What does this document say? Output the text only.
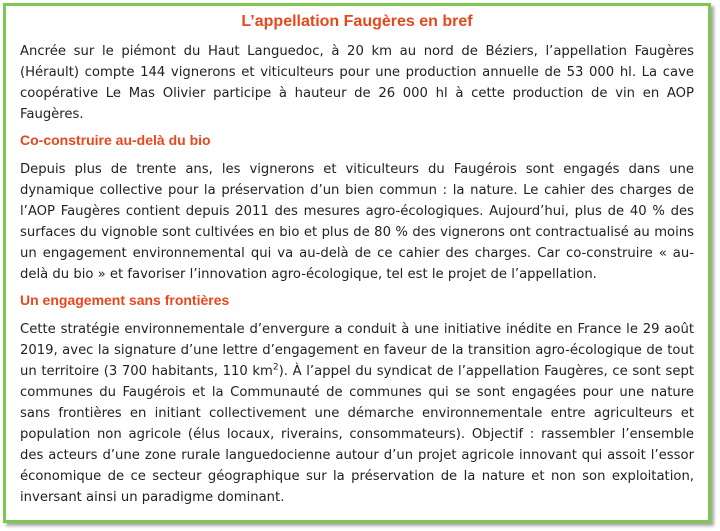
L’appellation Faugères en bref

Ancrée sur le piémont du Haut Languedoc, à 20 km au nord de Béziers, l’appellation Faugères (Hérault) compte 144 vignerons et viticulteurs pour une production annuelle de 53 000 hl. La cave coopérative Le Mas Olivier participe à hauteur de 26 000 hl à cette production de vin en AOP Faugères.

Co-construire au-delà du bio

Depuis plus de trente ans, les vignerons et viticulteurs du Faugérois sont engagés dans une dynamique collective pour la préservation d’un bien commun : la nature. Le cahier des charges de l’AOP Faugères contient depuis 2011 des mesures agro-écologiques. Aujourd’hui, plus de 40 % des surfaces du vignoble sont cultivées en bio et plus de 80 % des vignerons ont contractualisé au moins un engagement environnemental qui va au-delà de ce cahier des charges. Car co-construire « au-delà du bio » et favoriser l’innovation agro-écologique, tel est le projet de l’appellation.

Un engagement sans frontières

Cette stratégie environnementale d’envergure a conduit à une initiative inédite en France le 29 août 2019, avec la signature d’une lettre d’engagement en faveur de la transition agro-écologique de tout un territoire (3 700 habitants, 110 $km^2$). À l’appel du syndicat de l’appellation Faugères, ce sont sept communes du Faugérois et la Communauté de communes qui se sont engagées pour une nature sans frontières en initiant collectivement une démarche environnementale entre agriculteurs et population non agricole (élus locaux, riverains, consommateurs). Objectif : rassembler l’ensemble des acteurs d’une zone rurale languedocienne autour d’un projet agricole innovant qui assoit l’essor économique de ce secteur géographique sur la préservation de la nature et non son exploitation, inversant ainsi un paradigme dominant.
